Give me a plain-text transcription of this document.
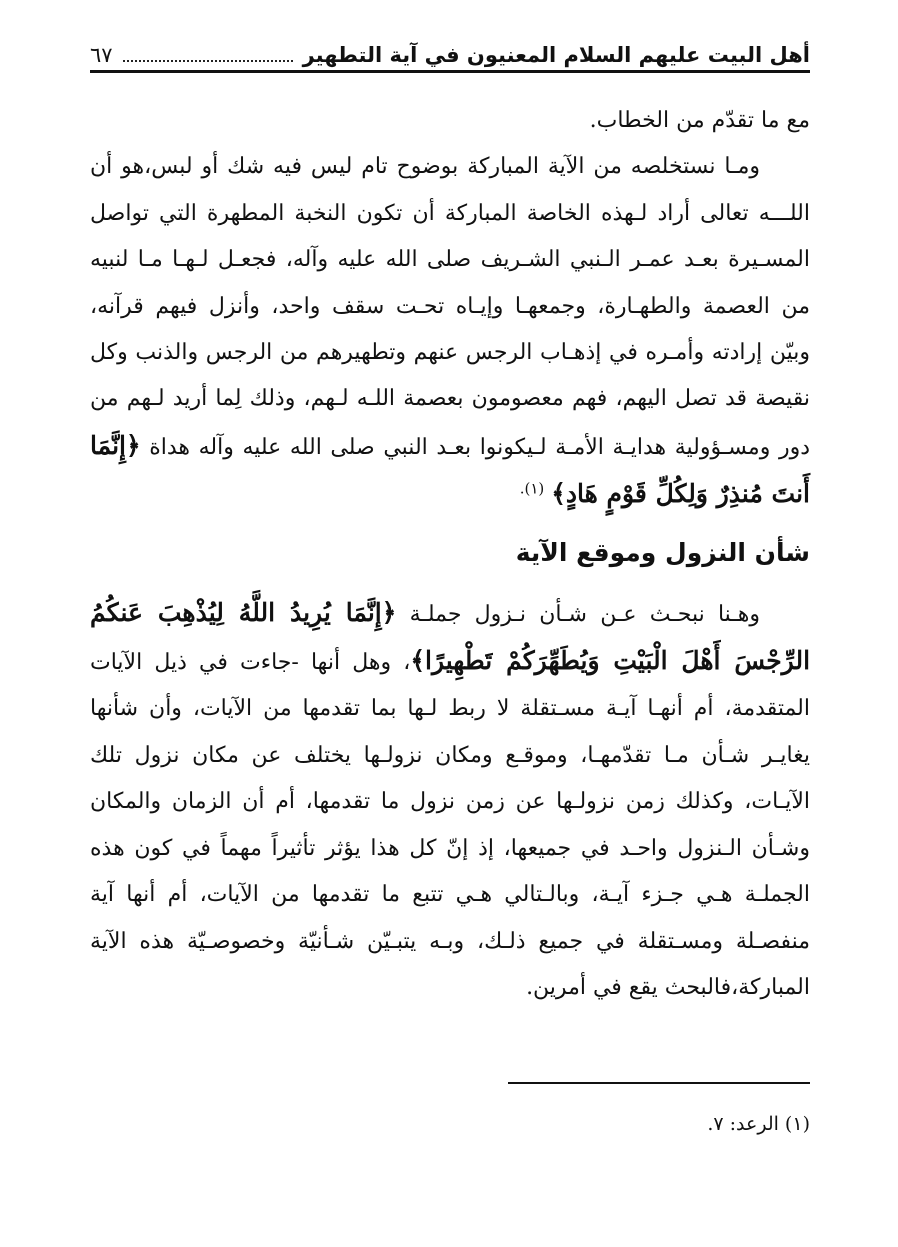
أهل البيت عليهم السلام المعنيون في آية التطهير
٦٧

مع ما تقدّم من الخطاب.

ومـا نستخلصه من الآية المباركة بوضوح تام ليس فيه شك أو لبس،هو أن اللـــه تعالى أراد لـهذه الخاصة المباركة أن تكون النخبة المطهرة التي تواصل المسـيرة بعـد عمـر الـنبي الشـريف صلى الله عليه وآله، فجعـل لـهـا مـا لنبيه من العصمة والطهـارة، وجمعهـا وإيـاه تحـت سقف واحد، وأنزل فيهم قرآنه، وبيّن إرادته وأمـره في إذهـاب الرجس عنهم وتطهيرهم من الرجس والذنب وكل نقيصة قد تصل اليهم، فهم معصومون بعصمة اللـه لـهم، وذلك لِما أريد لـهم من دور ومسـؤولية هدايـة الأمـة لـيكونوا بعـد النبي صلى الله عليه وآله هداة ﴿إِنَّمَا أَنتَ مُنذِرٌ وَلِكُلِّ قَوْمٍ هَادٍ﴾ $^{(١).}$

شأن النزول وموقع الآية

وهـنا نبحـث عـن شـأن نـزول جملـة ﴿إِنَّمَا يُرِيدُ اللَّهُ لِيُذْهِبَ عَنكُمُ الرِّجْسَ أَهْلَ الْبَيْتِ وَيُطَهِّرَكُمْ تَطْهِيرًا﴾، وهل أنها -جاءت في ذيل الآيات المتقدمة، أم أنهـا آيـة مسـتقلة لا ربط لـها بما تقدمها من الآيات، وأن شأنها يغايـر شـأن مـا تقدّمهـا، وموقـع ومكان نزولـها يختلف عن مكان نزول تلك الآيـات، وكذلك زمن نزولـها عن زمن نزول ما تقدمها، أم أن الزمان والمكان وشـأن الـنزول واحـد في جميعها، إذ إنّ كل هذا يؤثر تأثيراً مهماً في كون هذه الجملـة هـي جـزء آيـة، وبالـتالي هـي تتبع ما تقدمها من الآيات، أم أنها آية منفصـلة ومسـتقلة في جميع ذلـك، وبـه يتبـيّن شـأنيّة وخصوصـيّة هذه الآية المباركة،فالبحث يقع في أمرين.

(١) الرعد: ٧.
